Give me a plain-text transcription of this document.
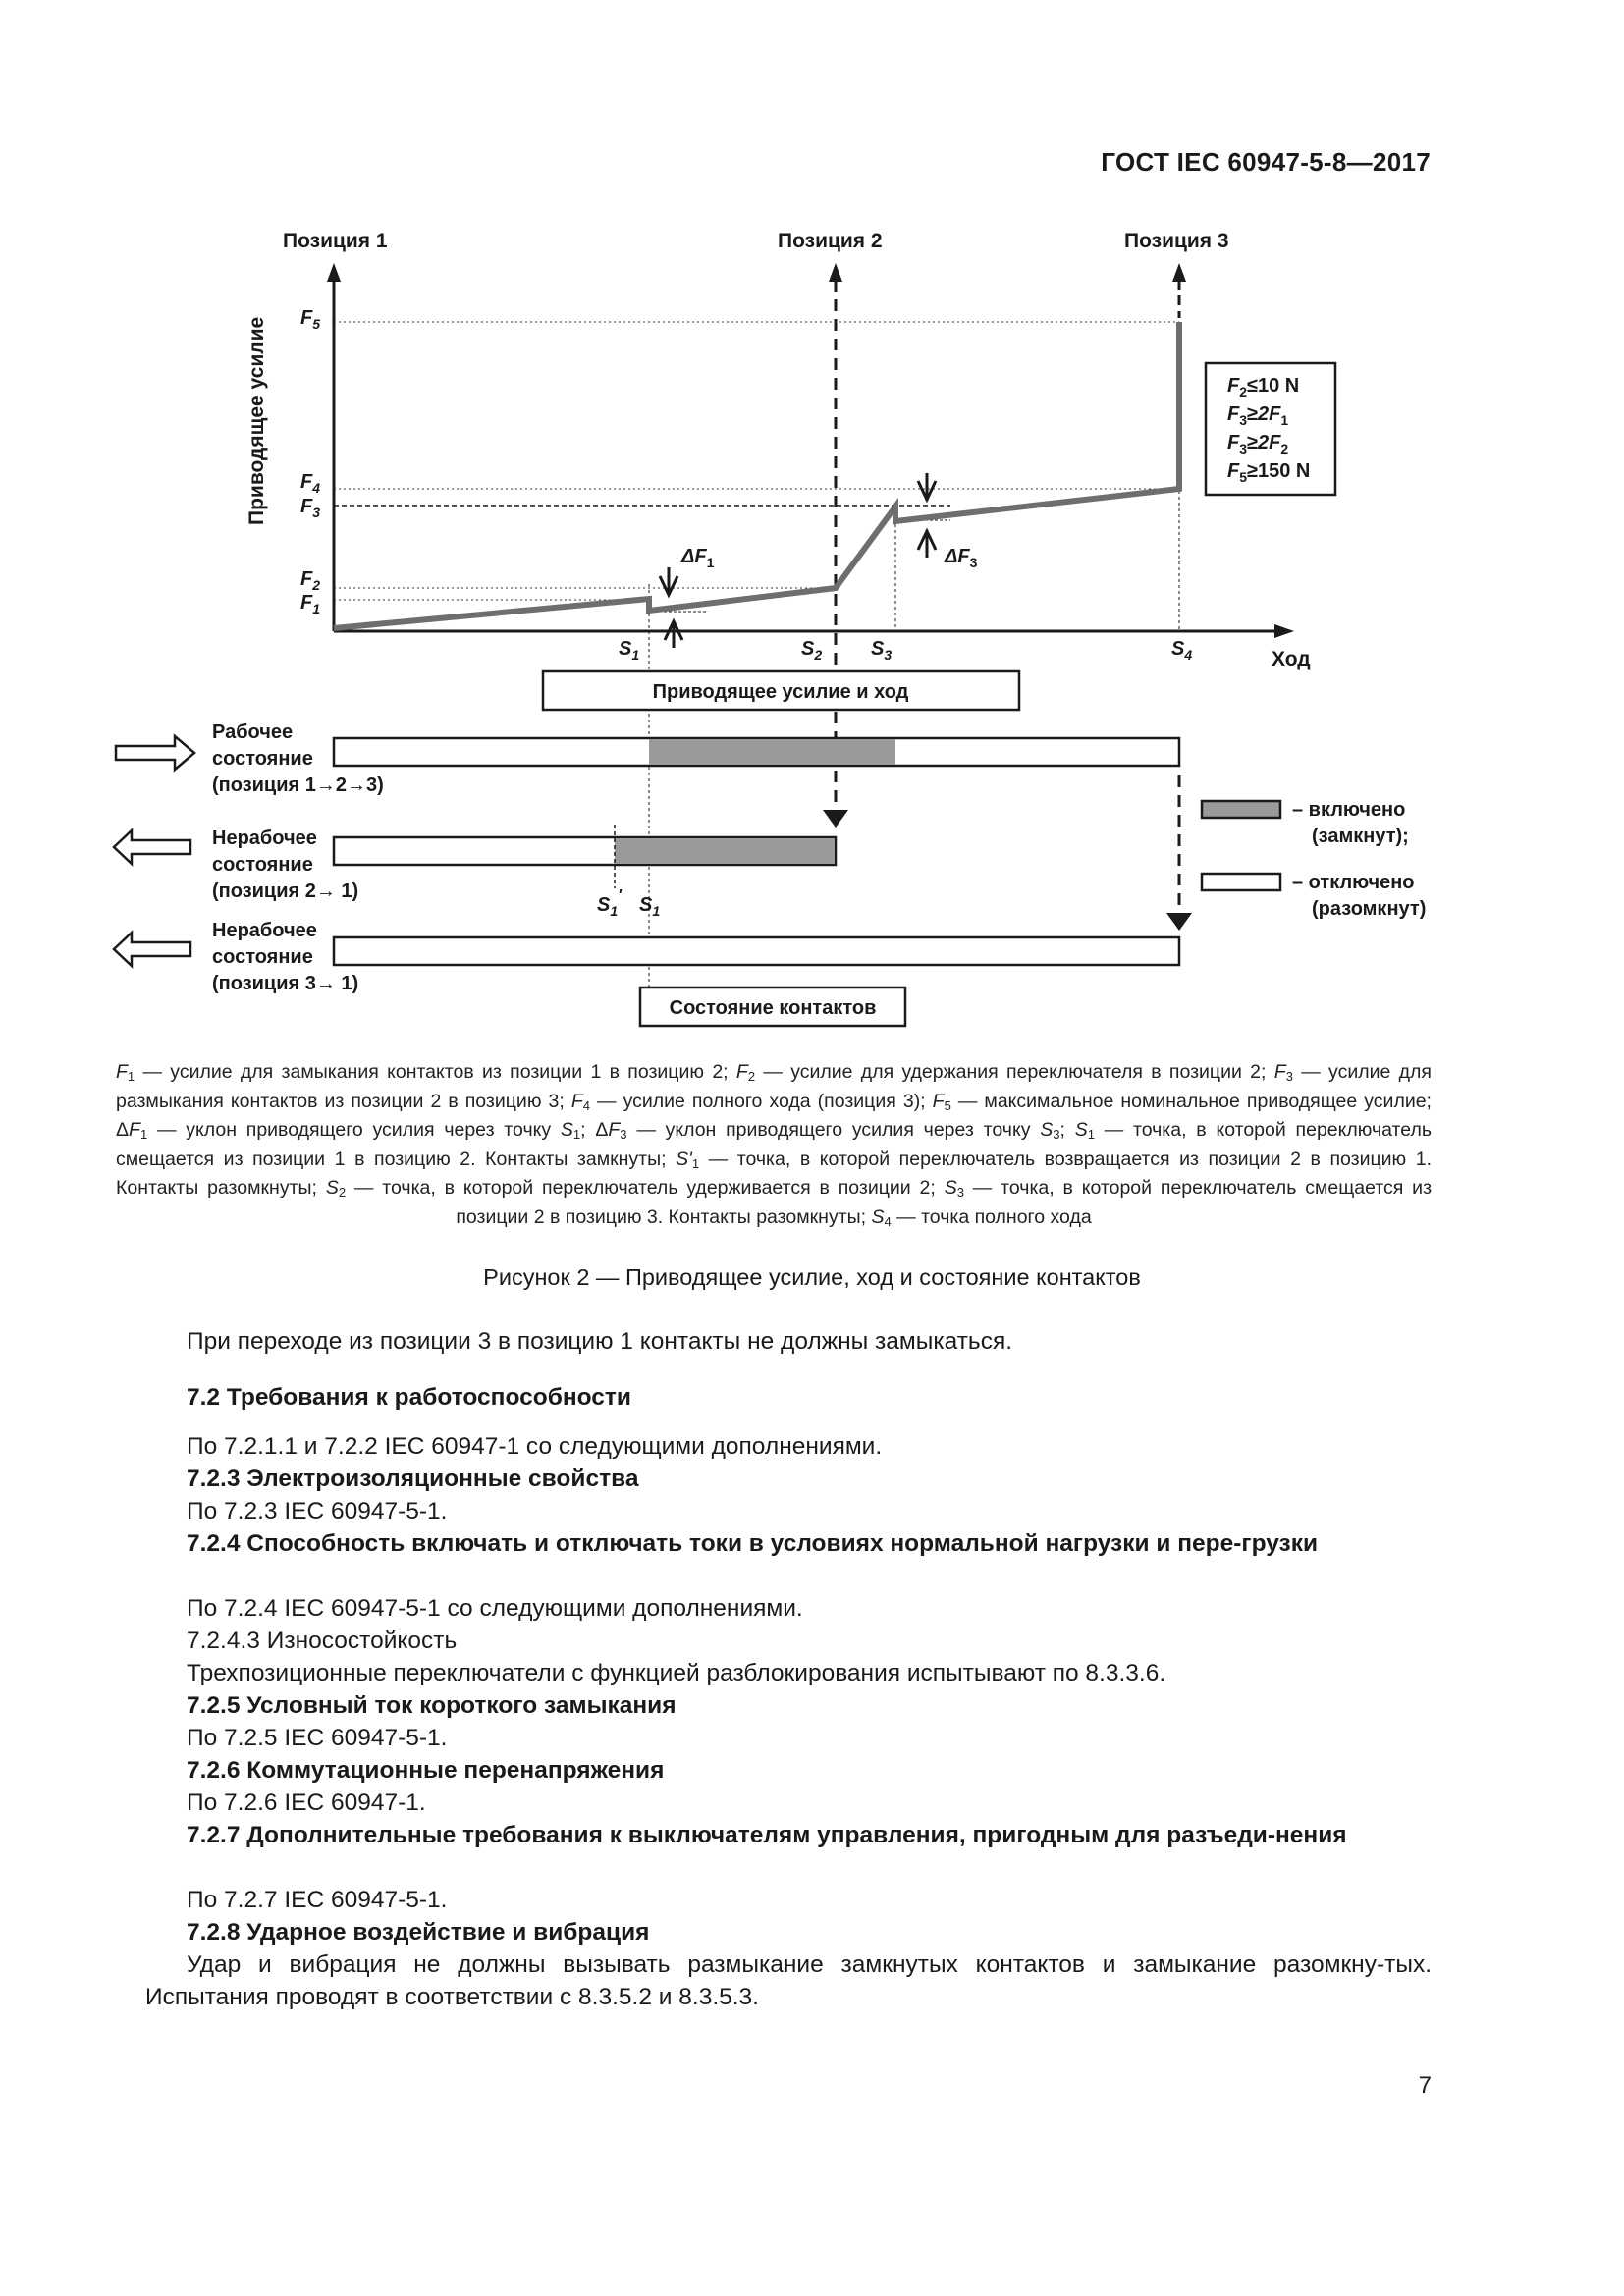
ГОСТ IEC 60947-5-8—2017
Позиция 1	Позиция 2	Позиция 3
Приводящее усилие
Ход
$F_5$
$F_4$
$F_3$
$F_2$
$F_1$
$S_1$	$S_2$ $S_3$	$S_4$
$\Delta F_1$	$\Delta F_3$
$F_2\le 10$ N
$F_3\ge 2F_1$
$F_3\ge 2F_2$
$F_5\ge 150$ N
Приводящее усилие и ход
Рабочее
состояние
(позиция 1→2→3)
Нерабочее
состояние
(позиция 2→ 1)
$S_1'$ $S_1$
Нерабочее
состояние
(позиция 3→ 1)
– включено
(замкнут);
– отключено
(разомкнут)
Состояние контактов
$F_1$ — усилие для замыкания контактов из позиции 1 в позицию 2; $F_2$ — усилие для удержания переключателя в позиции 2; $F_3$ — усилие для размыкания контактов из позиции 2 в позицию 3; $F_4$ — усилие полного хода (позиция 3); $F_5$ — максимальное номинальное приводящее усилие; $\Delta F_1$ — уклон приводящего усилия через точку $S_1$; $\Delta F_3$ — уклон приводящего усилия через точку $S_3$; $S_1$ — точка, в которой переключатель смещается из позиции 1 в позицию 2. Контакты замкнуты; $S'_1$ — точка, в которой переключатель возвращается из позиции 2 в позицию 1. Контакты разомкнуты; $S_2$ — точка, в которой переключатель удерживается в позиции 2; $S_3$ — точка, в которой переключатель смещается из позиции 2 в позицию 3. Контакты разомкнуты; $S_4$ — точка полного хода
Рисунок 2 — Приводящее усилие, ход и состояние контактов
При переходе из позиции 3 в позицию 1 контакты не должны замыкаться.
7.2 Требования к работоспособности
По 7.2.1.1 и 7.2.2 IEC 60947-1 со следующими дополнениями.
7.2.3 Электроизоляционные свойства
По 7.2.3 IEC 60947-5-1.
7.2.4 Способность включать и отключать токи в условиях нормальной нагрузки и пере-грузки
По 7.2.4 IEC 60947-5-1 со следующими дополнениями.
7.2.4.3 Износостойкость
Трехпозиционные переключатели с функцией разблокирования испытывают по 8.3.3.6.
7.2.5 Условный ток короткого замыкания
По 7.2.5 IEC 60947-5-1.
7.2.6 Коммутационные перенапряжения
По 7.2.6 IEC 60947-1.
7.2.7 Дополнительные требования к выключателям управления, пригодным для разъеди-нения
По 7.2.7 IEC 60947-5-1.
7.2.8 Ударное воздействие и вибрация
Удар и вибрация не должны вызывать размыкание замкнутых контактов и замыкание разомкну-тых. Испытания проводят в соответствии с 8.3.5.2 и 8.3.5.3.
7
